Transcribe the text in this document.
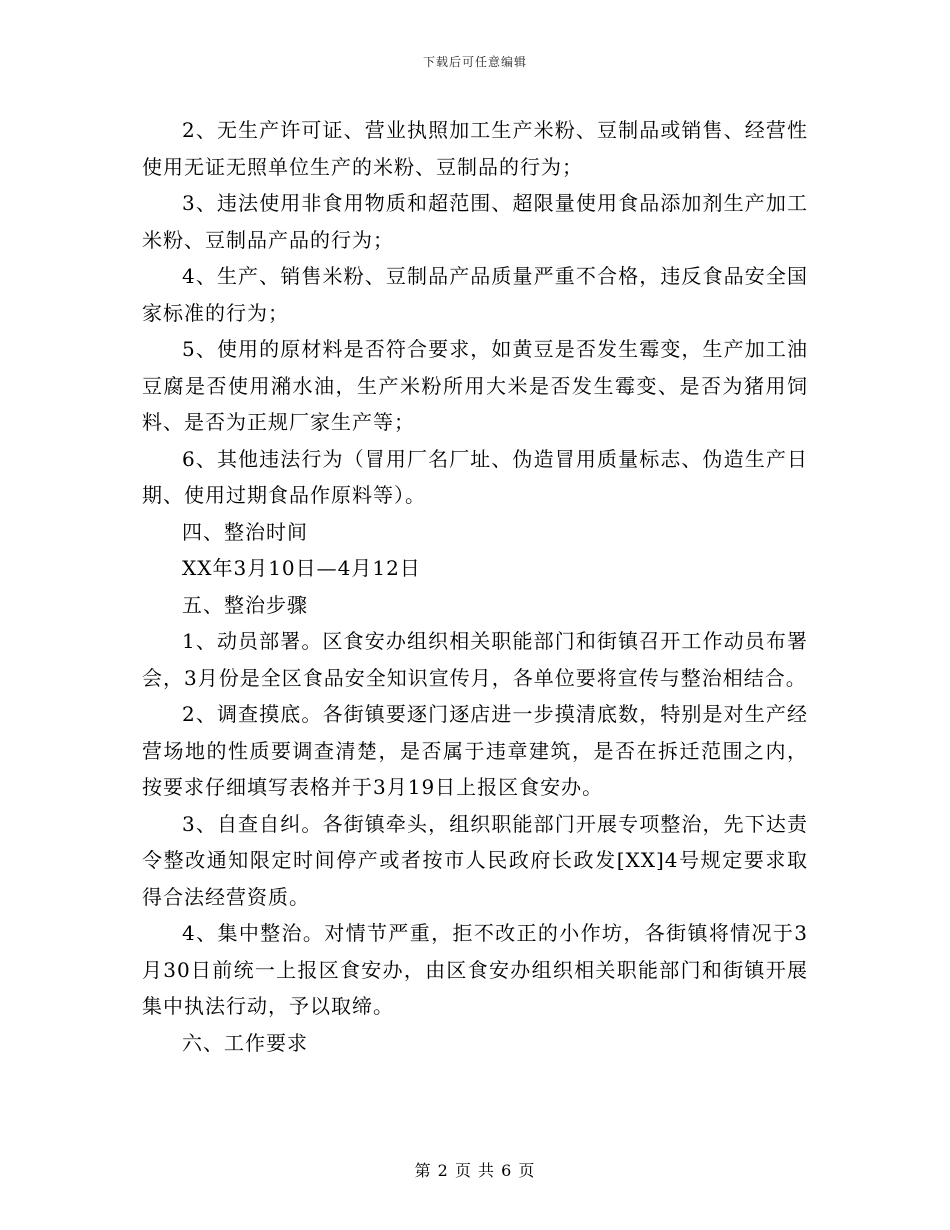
下载后可任意编辑

2、无生产许可证、营业执照加工生产米粉、豆制品或销售、经营性使用无证无照单位生产的米粉、豆制品的行为；

3、违法使用非食用物质和超范围、超限量使用食品添加剂生产加工米粉、豆制品产品的行为；

4、生产、销售米粉、豆制品产品质量严重不合格，违反食品安全国家标准的行为；

5、使用的原材料是否符合要求，如黄豆是否发生霉变，生产加工油豆腐是否使用潲水油，生产米粉所用大米是否发生霉变、是否为猪用饲料、是否为正规厂家生产等；

6、其他违法行为（冒用厂名厂址、伪造冒用质量标志、伪造生产日期、使用过期食品作原料等）。

四、整治时间

XX年3月10日—4月12日

五、整治步骤

1、动员部署。区食安办组织相关职能部门和街镇召开工作动员布署会，3月份是全区食品安全知识宣传月，各单位要将宣传与整治相结合。

2、调查摸底。各街镇要逐门逐店进一步摸清底数，特别是对生产经营场地的性质要调查清楚，是否属于违章建筑，是否在拆迁范围之内，按要求仔细填写表格并于3月19日上报区食安办。

3、自查自纠。各街镇牵头，组织职能部门开展专项整治，先下达责令整改通知限定时间停产或者按市人民政府长政发[XX]4号规定要求取得合法经营资质。

4、集中整治。对情节严重，拒不改正的小作坊，各街镇将情况于3月30日前统一上报区食安办，由区食安办组织相关职能部门和街镇开展集中执法行动，予以取缔。

六、工作要求

第 2 页 共 6 页
